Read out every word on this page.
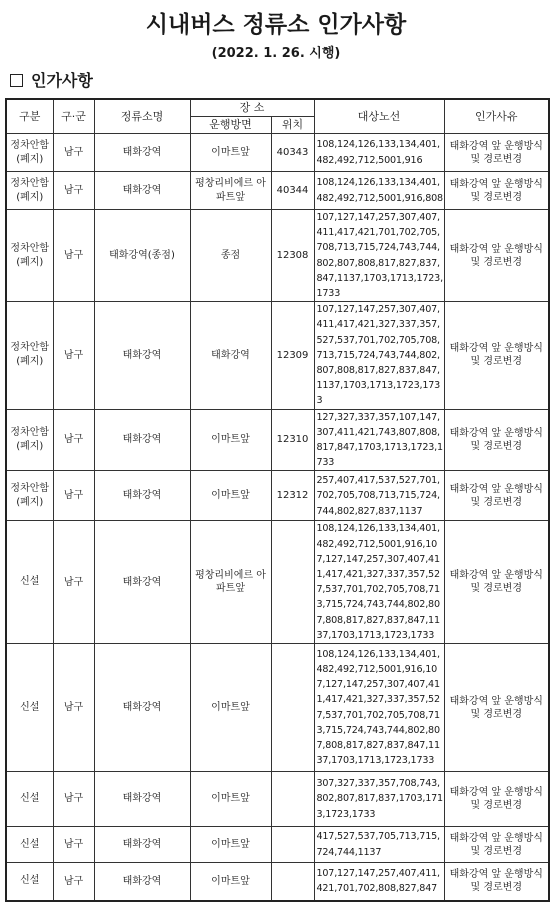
시내버스 정류소 인가사항
(2022. 1. 26. 시행)
인가사항
구분	구·군	정류소명	장 소		대상노선	인가사유
			운행방면	위치		
정차안함(폐지)	남구	태화강역	이마트앞	40343	108,124,126,133,134,401,482,492,712,5001,916	태화강역 앞 운행방식 및 경로변경
정차안함(폐지)	남구	태화강역	평창리비에르 아파트앞	40344	108,124,126,133,134,401,482,492,712,5001,916,808	태화강역 앞 운행방식 및 경로변경
정차안함(폐지)	남구	태화강역(종점)	종점	12308	107,127,147,257,307,407,411,417,421,701,702,705,708,713,715,724,743,744,802,807,808,817,827,837,847,1137,1703,1713,1723,1733	태화강역 앞 운행방식 및 경로변경
정차안함(폐지)	남구	태화강역	태화강역	12309	107,127,147,257,307,407,411,417,421,327,337,357,527,537,701,702,705,708,713,715,724,743,744,802,807,808,817,827,837,847,1137,1703,1713,1723,1733	태화강역 앞 운행방식 및 경로변경
정차안함(폐지)	남구	태화강역	이마트앞	12310	127,327,337,357,107,147,307,411,421,743,807,808,817,847,1703,1713,1723,1733	태화강역 앞 운행방식 및 경로변경
정차안함(폐지)	남구	태화강역	이마트앞	12312	257,407,417,537,527,701,702,705,708,713,715,724,744,802,827,837,1137	태화강역 앞 운행방식 및 경로변경
신설	남구	태화강역	평창리비에르 아파트앞		108,124,126,133,134,401,482,492,712,5001,916,107,127,147,257,307,407,411,417,421,327,337,357,527,537,701,702,705,708,713,715,724,743,744,802,807,808,817,827,837,847,1137,1703,1713,1723,1733	태화강역 앞 운행방식 및 경로변경
신설	남구	태화강역	이마트앞		108,124,126,133,134,401,482,492,712,5001,916,107,127,147,257,307,407,411,417,421,327,337,357,527,537,701,702,705,708,713,715,724,743,744,802,807,808,817,827,837,847,1137,1703,1713,1723,1733	태화강역 앞 운행방식 및 경로변경
신설	남구	태화강역	이마트앞		307,327,337,357,708,743,802,807,817,837,1703,1713,1723,1733	태화강역 앞 운행방식 및 경로변경
신설	남구	태화강역	이마트앞		417,527,537,705,713,715,724,744,1137	태화강역 앞 운행방식 및 경로변경
신설	남구	태화강역	이마트앞		107,127,147,257,407,411,421,701,702,808,827,847	태화강역 앞 운행방식 및 경로변경
